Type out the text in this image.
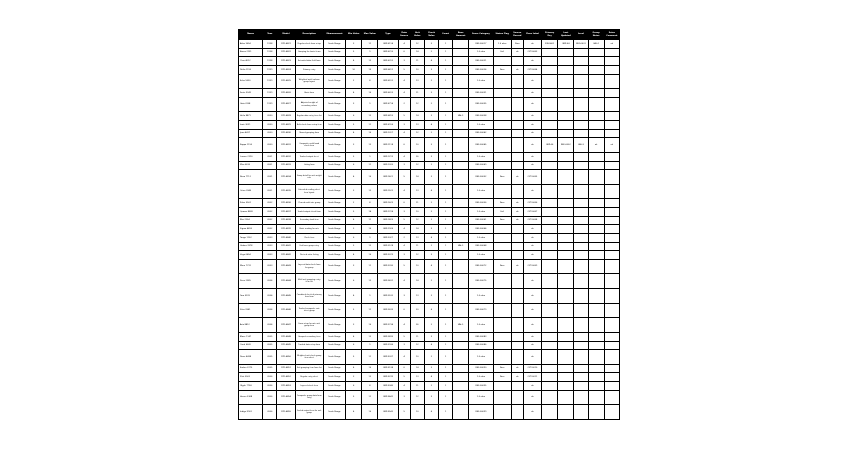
Name	Year	Model	Description	Measurement	Min Value	Max Value	Type	Data Source	Unit Value	Check Value	Count	Base Amount	Score Category	Status Flag	Source Record	Class Label	Primary Key	Last Updated	Level	Group Notes	Extra Comment
Atlas 3054	1998	STD-4821	Regular check form setup	Scale Range	3	11	GRP-0114	4	12	3	1		REF-00017	1.0 ohm	Pass	ok	FIN-0001	GRP-04	REF-0001	VAL-2	ok
Borea 2131	1998	STD-4822	Grouping the basic items	Scale Range	5	9	GRP-0215	6	14	2	1		1.0 ohm	Fail	ok	OPT-0003					
Cirro 4012	1998	STD-4823	Extended data field form	Scale Range	4	12	GRP-0312	3	11	4	1		REF-00021			ok					
Delta 1190	1999	STD-4824	Primary entry	Scale Range	10	15	GRP-0411	5	10	3	1		REF-00024	Pass	ok	OPT-0004					
Echo 5530	1999	STD-4825	Weighted multi column group layout	Scale Range	2	8	GRP-0512	4	13	2	1		1.0 ohm			ok					
Fenix 3342	1999	STD-4826	Basic form	Scale Range	4	10	GRP-0613	4	11	3	1		REF-00031			ok					
Gaia 2208	1999	STD-4827	Adjusted weight of secondary values	Scale Range	3	9	GRP-0714	2	12	2	1		REF-00035			ok					
Helio 8871	2000	STD-4828	Regular data entry item list	Scale Range	6	12	GRP-0815	5	14	3	1	VAL-1	REF-00038			ok					
Ionic 3021	2000	STD-4829	Bulk check form setup item	Scale Range	5	11	GRP-0916	3	13	4	1		1.0 ohm			ok					
Juno 4417	2000	STD-4830	Shared grouping form	Scale Range	4	10	GRP-1017	4	12	2	1		REF-00042			ok					
Kappa 1155	2000	STD-4831	Composite multi band check item	Scale Range	3	12	GRP-1118	6	10	3	1		REF-00045			ok	GRP-06	REF-0002	VAL-3	ok	ok
Lumen 2290	2001	STD-4832	Tracked output sheet	Scale Range	5	9	GRP-1219	4	26	3	1		1.0 ohm			ok					
Mira 6610	2001	STD-4833	Listing form	Scale Range	6	11	GRP-1320	3	12	2	1		REF-00049			ok					
Nova 7712	2001	STD-4834	Group detail for unit weight rule	Scale Range	4	10	GRP-1421	5	14	3	1		REF-00052	Pass	ok	OPT-0005					
Orion 3345	2001	STD-4835	Extended reading sheet item layout	Scale Range	3	12	GRP-1522	4	13	4	1		1.0 ohm			ok					
Pulse 5561	2002	STD-4836	Cleared multi rate group	Scale Range	2	8	GRP-1623	6	11	2	1		REF-00056	Pass	ok	OPT-0006					
Quasar 8820	2002	STD-4837	Scaled output check form	Scale Range	5	14	GRP-1724	3	10	3	1		1.0 ohm	Fail	ok	OPT-0007					
Rho 2204	2002	STD-4838	Secondary load item	Scale Range	4	11	GRP-1825	5	12	2	1		REF-00061	Pass	ok	OPT-0008					
Sigma 4490	2002	STD-4839	Basic reading for rate	Scale Range	3	10	GRP-1926	4	14	3	1		REF-00064			ok					
Tango 1102	2003	STD-4840	Check item	Scale Range	6	9	GRP-2027	2	13	4	1		1.0 ohm			ok					
Umbra 3378	2003	STD-4841	Unit base group entry	Scale Range	5	12	GRP-2128	4	11	2	1	VAL-1	REF-00068			ok					
Vega 6654	2003	STD-4842	Derived value listing	Scale Range	4	10	GRP-2229	3	12	3	1		1.0 ohm			ok					
Wren 7731	2003	STD-4843	Layered data check form for group	Scale Range	3	11	GRP-2330	5	10	4	1		REF-00072	Pass	ok	OPT-0009					
Xeno 2285	2004	STD-4844	Multi unit grouping entry item list	Scale Range	6	12	GRP-2431	4	14	2	1		REF-00075			ok					
Yara 5519	2004	STD-4845	Combined check of primary item form	Scale Range	4	9	GRP-2532	3	13	3	1		1.0 ohm			ok					
Zeta 3341	2004	STD-4846	Tracked composite rate sheet group	Scale Range	5	11	GRP-2633	6	20	4	1		REF-00079			ok					
Aria 8812	2004	STD-4847	Form setup for rate unit group item	Scale Range	3	10	GRP-2734	4	26	2	1	VAL-1	1.0 ohm			ok					
Blaze 1147	2005	STD-4848	Grouped secondary item	Scale Range	4	12	GRP-2835	5	11	3	1		REF-00083			ok					
Coral 6620	2005	STD-4849	Tracked data setup form	Scale Range	6	9	GRP-2936	3	12	4	1		REF-00086			ok					
Dune 4438	2005	STD-4850	Weighted unit check group item sheet	Scale Range	5	11	GRP-3037	4	10	2	1		1.0 ohm			ok					
Ember 2275	2005	STD-4851	Unit grouping item form list	Scale Range	4	10	GRP-3138	6	14	3	1		REF-00090	Pass	ok	OPT-0010					
Flint 5502	2006	STD-4852	Regular entry sheet	Scale Range	3	12	GRP-3239	5	13	4	1		1.0 ohm	Pass	ok	OPT-0011					
Glyph 7734	2006	STD-4853	Layered check item	Scale Range	6	8	GRP-3340	4	11	2	1		REF-00095			ok					
Haven 3368	2006	STD-4854	Composite group data form entry	Scale Range	5	11	GRP-3441	3	12	3	1		1.0 ohm			ok					
Indigo 9901	2006	STD-4855	Scaled output item for unit group	Scale Range	4	10	GRP-3542	5	10	4	1		REF-00099			ok					
